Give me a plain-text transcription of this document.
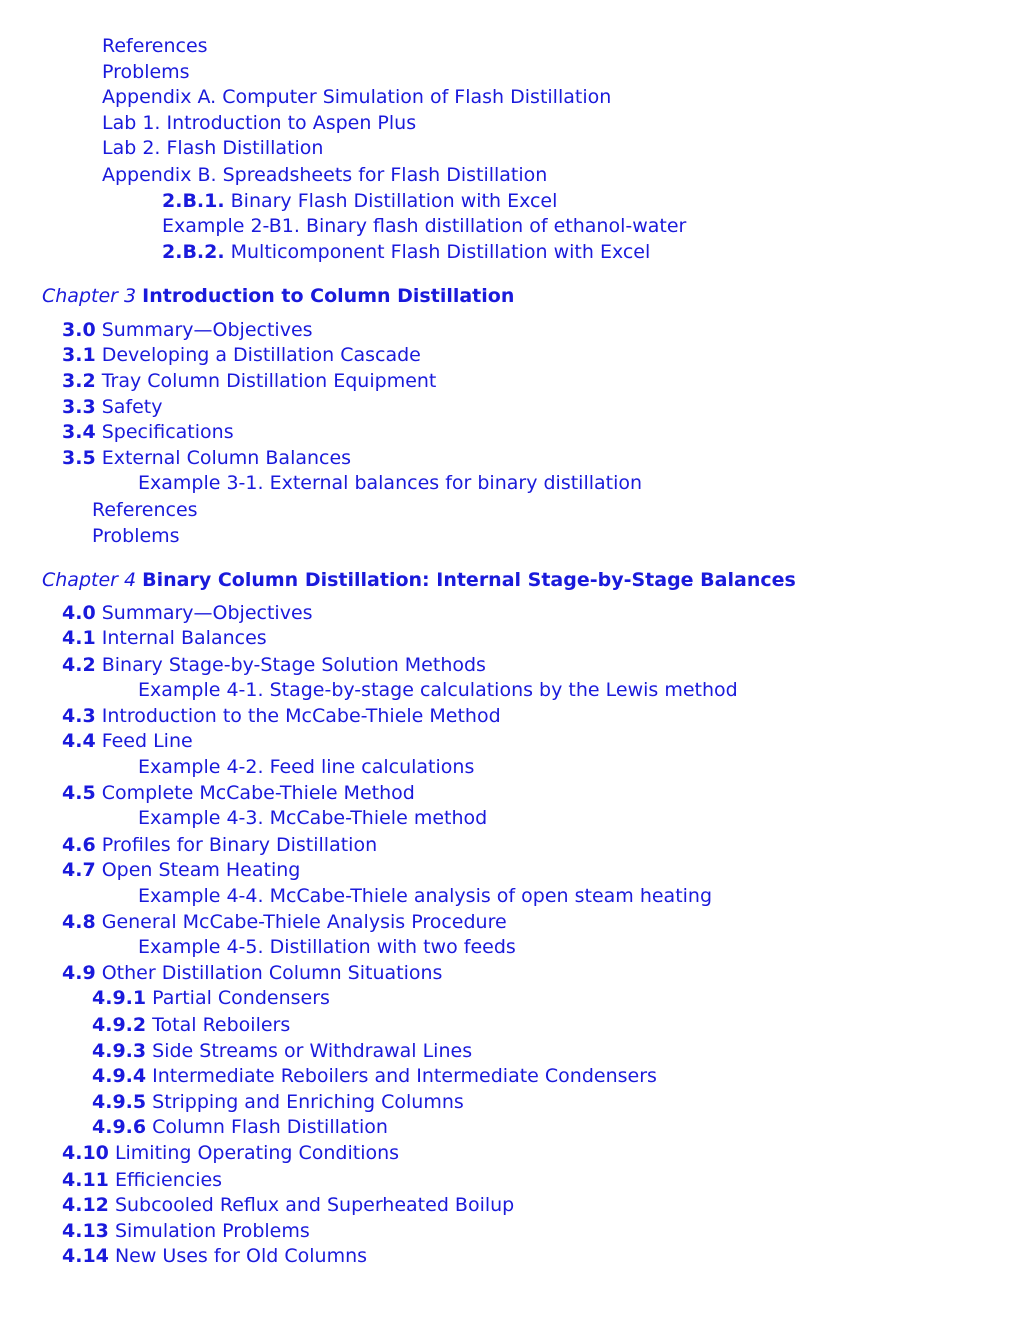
References
Problems
Appendix A. Computer Simulation of Flash Distillation
Lab 1. Introduction to Aspen Plus
Lab 2. Flash Distillation
Appendix B. Spreadsheets for Flash Distillation
2.B.1. Binary Flash Distillation with Excel
Example 2-B1. Binary flash distillation of ethanol-water
2.B.2. Multicomponent Flash Distillation with Excel
Chapter 3 Introduction to Column Distillation
3.0 Summary—Objectives
3.1 Developing a Distillation Cascade
3.2 Tray Column Distillation Equipment
3.3 Safety
3.4 Specifications
3.5 External Column Balances
Example 3-1. External balances for binary distillation
References
Problems
Chapter 4 Binary Column Distillation: Internal Stage-by-Stage Balances
4.0 Summary—Objectives
4.1 Internal Balances
4.2 Binary Stage-by-Stage Solution Methods
Example 4-1. Stage-by-stage calculations by the Lewis method
4.3 Introduction to the McCabe-Thiele Method
4.4 Feed Line
Example 4-2. Feed line calculations
4.5 Complete McCabe-Thiele Method
Example 4-3. McCabe-Thiele method
4.6 Profiles for Binary Distillation
4.7 Open Steam Heating
Example 4-4. McCabe-Thiele analysis of open steam heating
4.8 General McCabe-Thiele Analysis Procedure
Example 4-5. Distillation with two feeds
4.9 Other Distillation Column Situations
4.9.1 Partial Condensers
4.9.2 Total Reboilers
4.9.3 Side Streams or Withdrawal Lines
4.9.4 Intermediate Reboilers and Intermediate Condensers
4.9.5 Stripping and Enriching Columns
4.9.6 Column Flash Distillation
4.10 Limiting Operating Conditions
4.11 Efficiencies
4.12 Subcooled Reflux and Superheated Boilup
4.13 Simulation Problems
4.14 New Uses for Old Columns
